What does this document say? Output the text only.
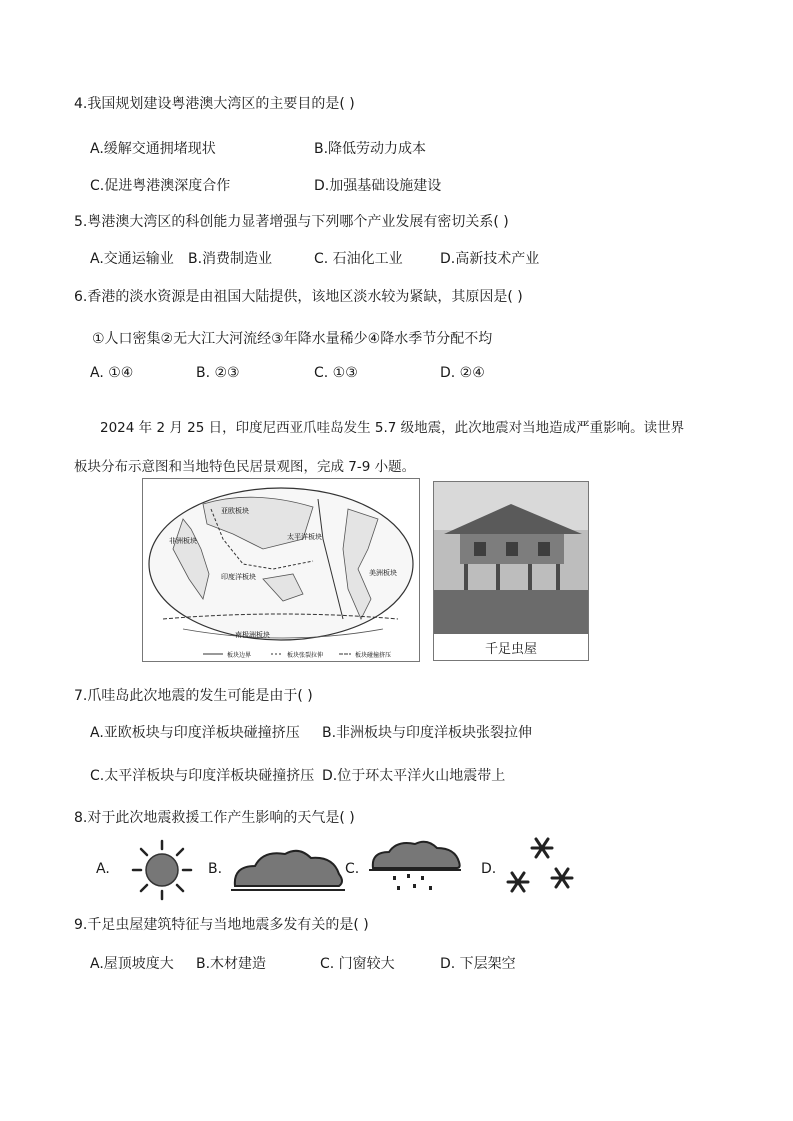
4.我国规划建设粤港澳大湾区的主要目的是( )
A.缓解交通拥堵现状	B.降低劳动力成本
C.促进粤港澳深度合作	D.加强基础设施建设
5.粤港澳大湾区的科创能力显著增强与下列哪个产业发展有密切关系( )
A.交通运输业 B.消费制造业	C. 石油化工业	D.高新技术产业
6.香港的淡水资源是由祖国大陆提供，该地区淡水较为紧缺，其原因是( )
①人口密集②无大江大河流经③年降水量稀少④降水季节分配不均
A. ①④	B. ②③	C. ①③	D. ②④
2024 年 2 月 25 日，印度尼西亚爪哇岛发生 5.7 级地震，此次地震对当地造成严重影响。读世界
板块分布示意图和当地特色民居景观图，完成 7-9 小题。
亚欧板块
非洲板块	太平洋板块
印度洋板块
南极洲板块
美洲板块
板块边界	板块张裂拉伸	板块碰撞挤压	千足虫屋
7.爪哇岛此次地震的发生可能是由于( )
A.亚欧板块与印度洋板块碰撞挤压 B.非洲板块与印度洋板块张裂拉伸
C.太平洋板块与印度洋板块碰撞挤压 D.位于环太平洋火山地震带上
8.对于此次地震救援工作产生影响的天气是( )
A.	B.	C.	D.
9.千足虫屋建筑特征与当地地震多发有关的是( )
A.屋顶坡度大 B.木材建造	C. 门窗较大	D. 下层架空
